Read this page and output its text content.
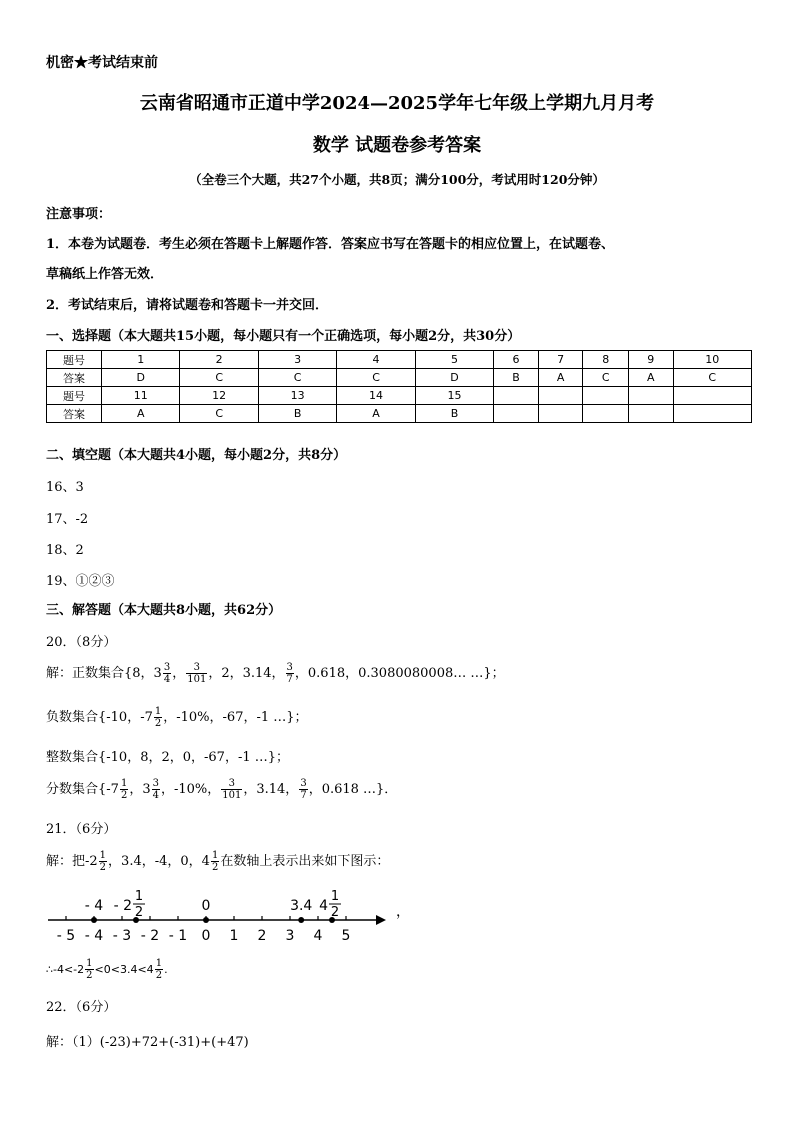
机密★考试结束前
云南省昭通市正道中学2024—2025学年七年级上学期九月月考
数学 试题卷参考答案
（全卷三个大题，共27个小题，共8页；满分100分，考试用时120分钟）
注意事项：
1．本卷为试题卷．考生必须在答题卡上解题作答．答案应书写在答题卡的相应位置上，在试题卷、
草稿纸上作答无效．
2．考试结束后，请将试题卷和答题卡一并交回．
一、选择题（本大题共15小题，每小题只有一个正确选项，每小题2分，共30分）
题号	1	2	3	4	5	6	7	8	9	10
答案	D	C	C	C	D	B	A	C	A	C
题号	11	12	13	14	15					
答案	A	C	B	A	B					
二、填空题（本大题共4小题，每小题2分，共8分）
16、3
17、-2
18、2
19、①②③
三、解答题（本大题共8小题，共62分）
20．（8分）
解：正数集合{8，$3 \frac{3}{4}$ ， $\frac{3}{101}$ ，2，3.14， $\frac{3}{7}$ ，0.618，0.3080080008… …}；
负数集合{-10，$-7 \frac{1}{2}$ ，-10%，-67，-1 …}；
整数集合{-10，8，2，0，-67，-1 …}；
分数集合{$-7 \frac{1}{2}$ ，$3 \frac{3}{4}$ ，-10%， $\frac{3}{101}$ ，3.14， $\frac{3}{7}$ ，0.618 …}．
21．（6分）
解：把$-2 \frac{1}{2}$ ，3.4，-4，0，$4 \frac{1}{2}$ 在数轴上表示出来如下图示：
- 5 - 4 - 3 - 2 - 1 0 1 2 3 4 5
- 4 - 2
1
2	0	3.4 4
1
2	，
∴-4<-2 $\frac{1}{2} <0<3.4<4 \frac{1}{2}$ .
22．（6分）
解：（1）(-23)+72+(-31)+(+47)
